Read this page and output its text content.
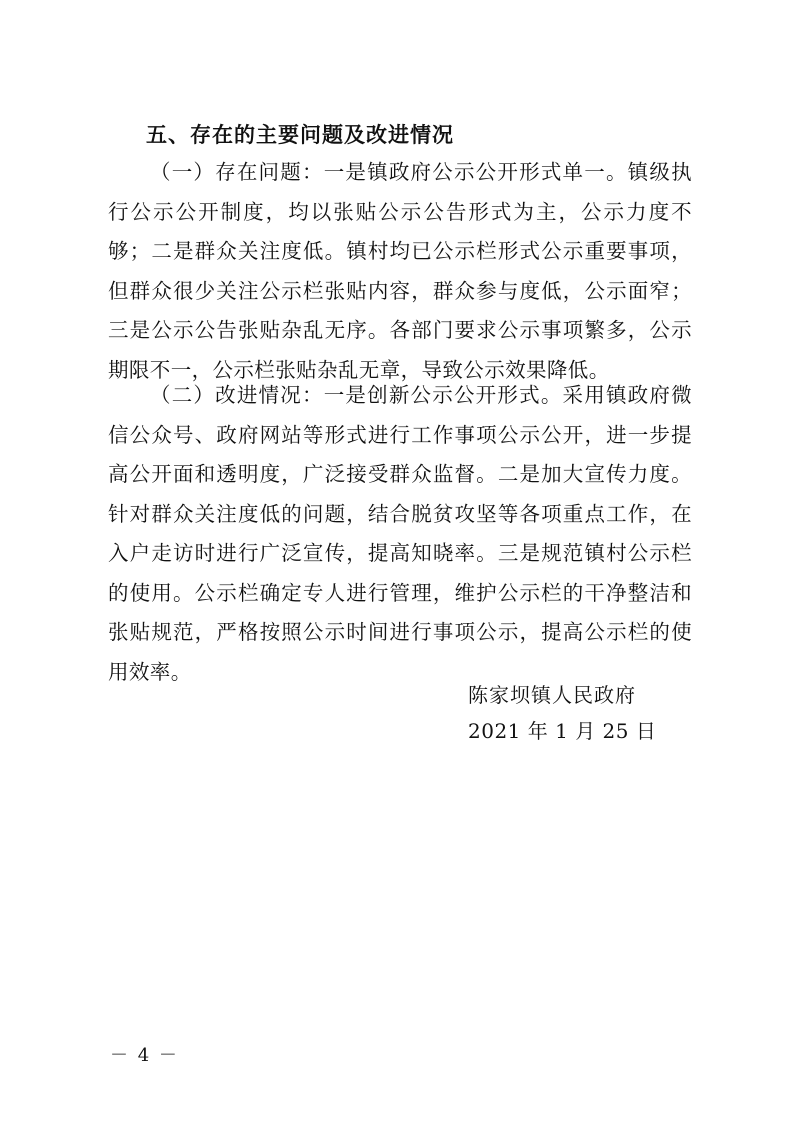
五、存在的主要问题及改进情况

（一）存在问题：一是镇政府公示公开形式单一。镇级执行公示公开制度，均以张贴公示公告形式为主，公示力度不够；二是群众关注度低。镇村均已公示栏形式公示重要事项，但群众很少关注公示栏张贴内容，群众参与度低，公示面窄；三是公示公告张贴杂乱无序。各部门要求公示事项繁多，公示期限不一，公示栏张贴杂乱无章，导致公示效果降低。

（二）改进情况：一是创新公示公开形式。采用镇政府微信公众号、政府网站等形式进行工作事项公示公开，进一步提高公开面和透明度，广泛接受群众监督。二是加大宣传力度。针对群众关注度低的问题，结合脱贫攻坚等各项重点工作，在入户走访时进行广泛宣传，提高知晓率。三是规范镇村公示栏的使用。公示栏确定专人进行管理，维护公示栏的干净整洁和张贴规范，严格按照公示时间进行事项公示，提高公示栏的使用效率。

陈家坝镇人民政府

2021 年 1 月 25 日

－ 4 －
